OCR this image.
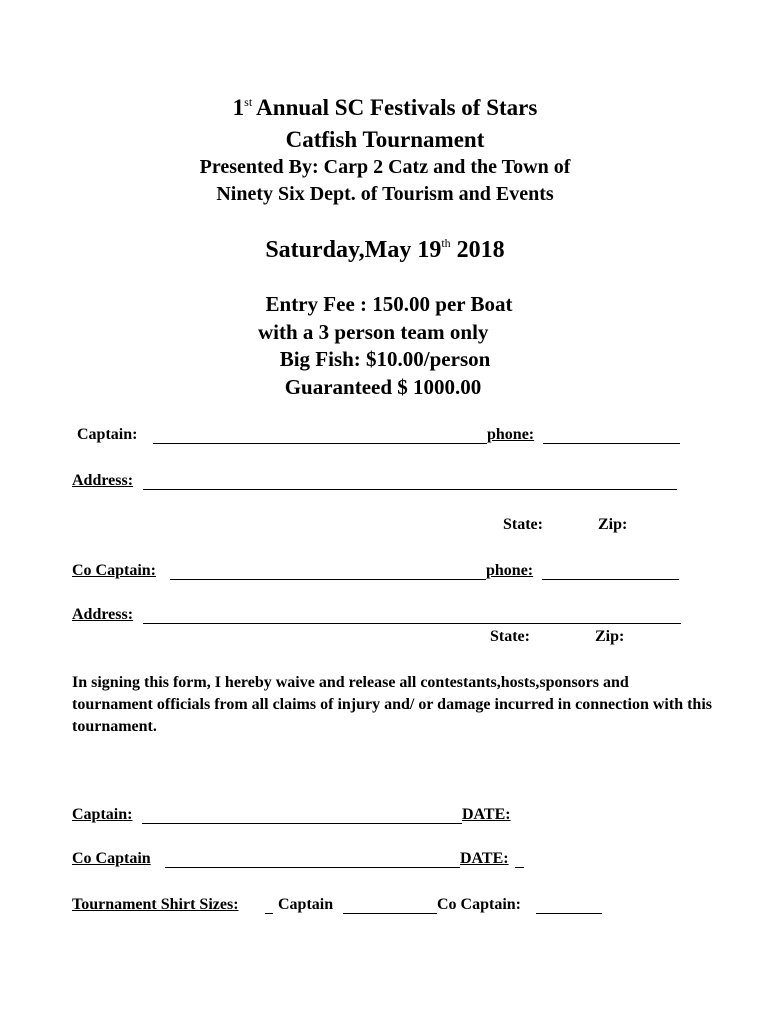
1st Annual SC Festivals of Stars
Catfish Tournament
Presented By: Carp 2 Catz and the Town of
Ninety Six Dept. of Tourism and Events
Saturday,May 19th 2018
Entry Fee : 150.00 per Boat
with a 3 person team only
Big Fish: $10.00/person
Guaranteed $ 1000.00
Captain:	phone:
Address:
State:	Zip:
Co Captain:	phone:
Address:
State:	Zip:
In signing this form, I hereby waive and release all contestants,hosts,sponsors and tournament officials from all claims of injury and/ or damage incurred in connection with this tournament.
Captain:	DATE:
Co Captain	DATE:
Tournament Shirt Sizes: Captain	Co Captain:
